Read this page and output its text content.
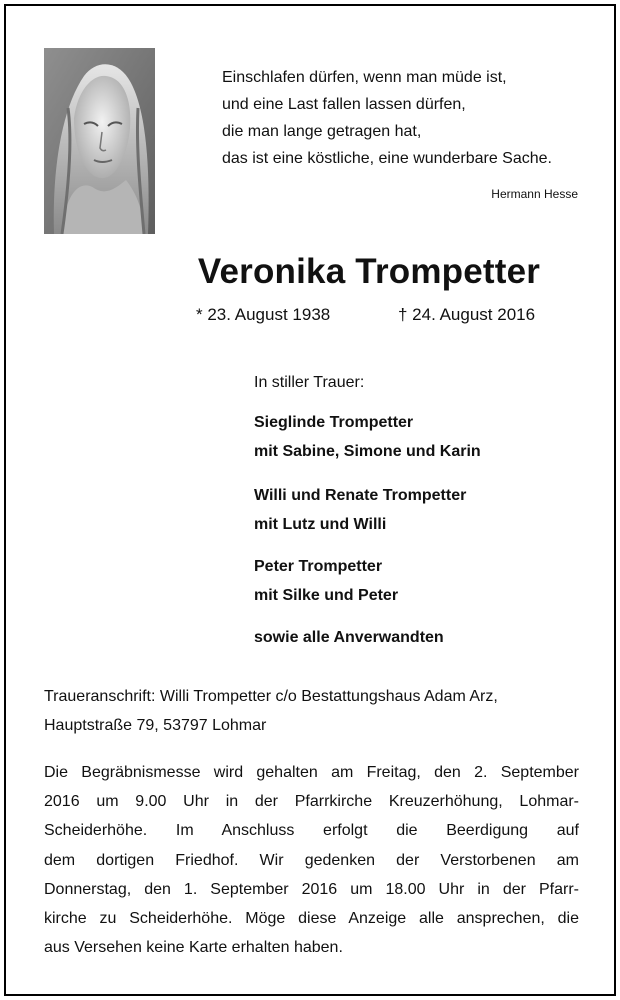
Einschlafen dürfen, wenn man müde ist,
und eine Last fallen lassen dürfen,
die man lange getragen hat,
das ist eine köstliche, eine wunderbare Sache.
Hermann Hesse
Veronika Trompetter
* 23. August 1938	† 24. August 2016
In stiller Trauer:
Sieglinde Trompetter
mit Sabine, Simone und Karin
Willi und Renate Trompetter
mit Lutz und Willi
Peter Trompetter
mit Silke und Peter
sowie alle Anverwandten
Traueranschrift: Willi Trompetter c/o Bestattungshaus Adam Arz,
Hauptstraße 79, 53797 Lohmar
Die Begräbnismesse wird gehalten am Freitag, den 2. September
2016 um 9.00 Uhr in der Pfarrkirche Kreuzerhöhung, Lohmar-
Scheiderhöhe. Im Anschluss erfolgt die Beerdigung auf
dem dortigen Friedhof. Wir gedenken der Verstorbenen am
Donnerstag, den 1. September 2016 um 18.00 Uhr in der Pfarr-
kirche zu Scheiderhöhe. Möge diese Anzeige alle ansprechen, die
aus Versehen keine Karte erhalten haben.
